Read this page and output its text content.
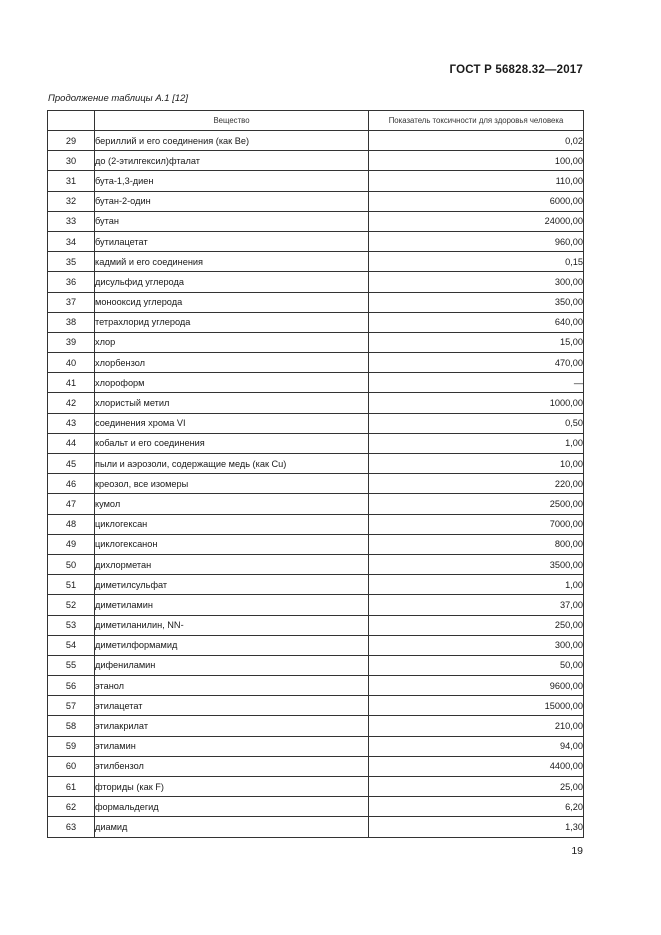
ГОСТ Р 56828.32—2017
Продолжение таблицы А.1 [12]
	Вещество	Показатель токсичности для здоровья человека
29	бериллий и его соединения (как Be)	0,02
30	до (2-этилгексил)фталат	100,00
31	бута-1,3-диен	110,00
32	бутан-2-один	6000,00
33	бутан	24000,00
34	бутилацетат	960,00
35	кадмий и его соединения	0,15
36	дисульфид углерода	300,00
37	монооксид углерода	350,00
38	тетрахлорид углерода	640,00
39	хлор	15,00
40	хлорбензол	470,00
41	хлороформ	—
42	хлористый метил	1000,00
43	соединения хрома VI	0,50
44	кобальт и его соединения	1,00
45	пыли и аэрозоли, содержащие медь (как Cu)	10,00
46	креозол, все изомеры	220,00
47	кумол	2500,00
48	циклогексан	7000,00
49	циклогексанон	800,00
50	дихлорметан	3500,00
51	диметилсульфат	1,00
52	диметиламин	37,00
53	диметиланилин, NN-	250,00
54	диметилформамид	300,00
55	дифениламин	50,00
56	этанол	9600,00
57	этилацетат	15000,00
58	этилакрилат	210,00
59	этиламин	94,00
60	этилбензол	4400,00
61	фториды (как F)	25,00
62	формальдегид	6,20
63	диамид	1,30
19
